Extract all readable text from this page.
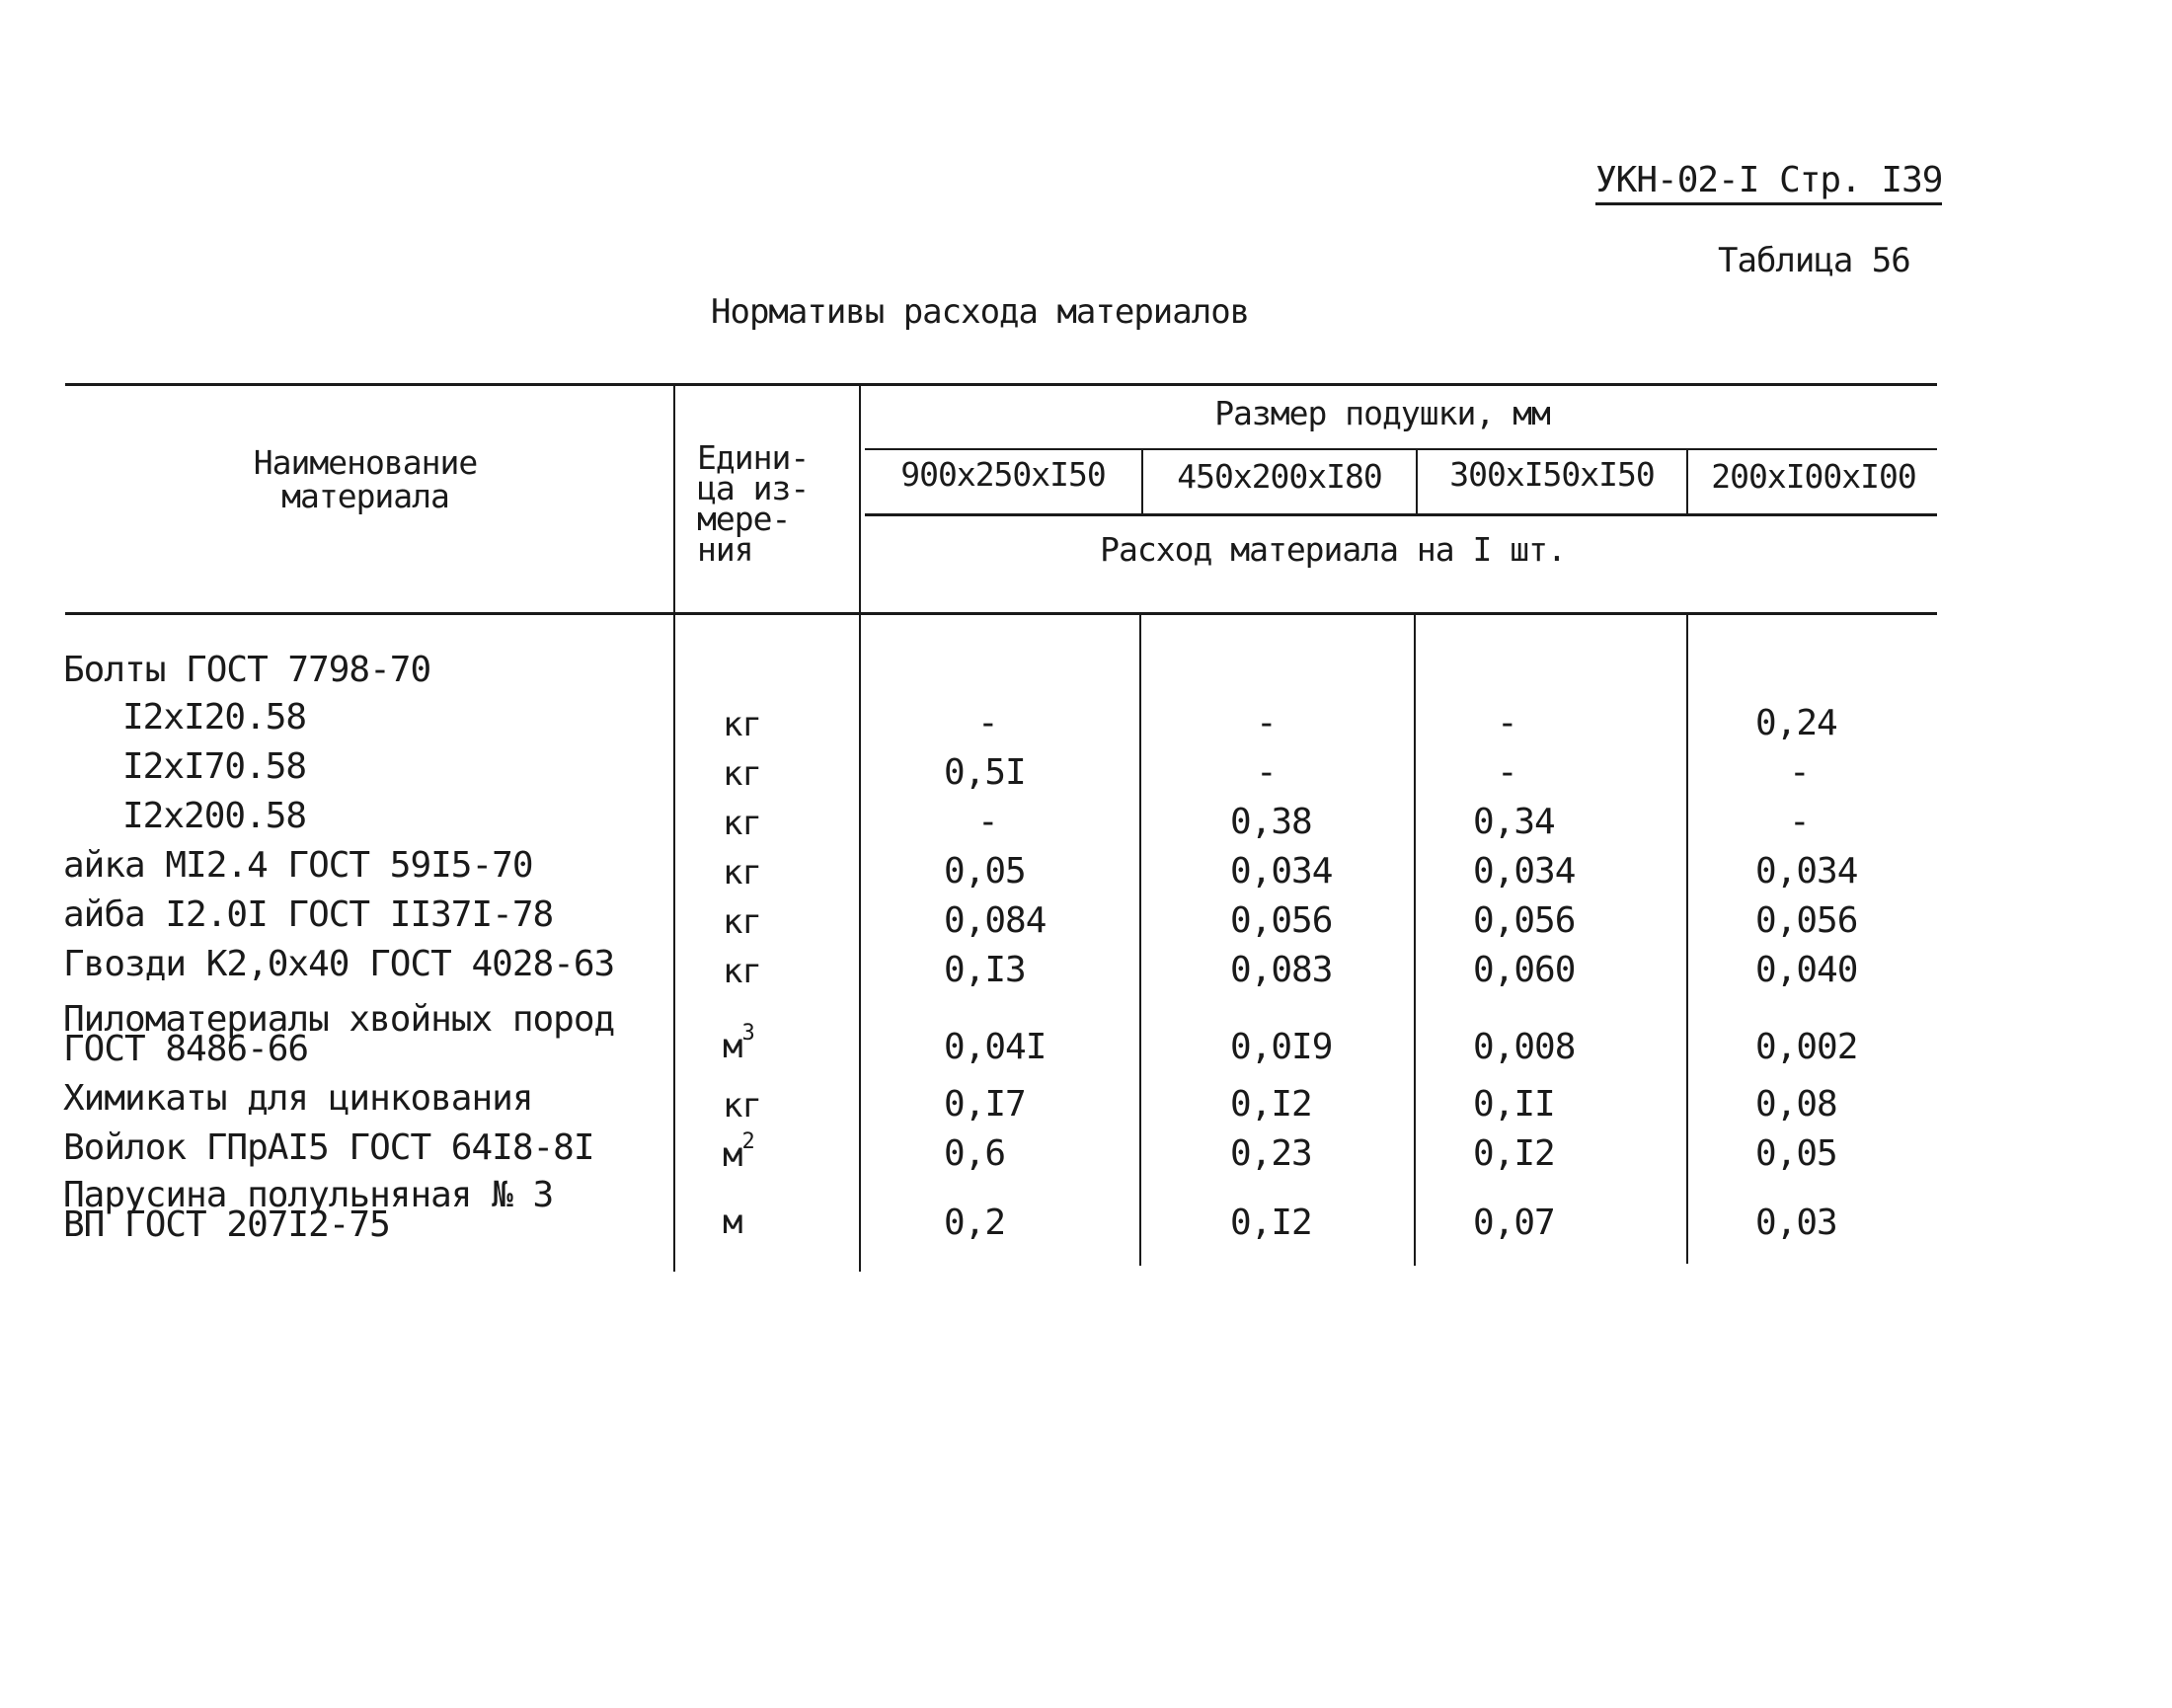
УКН-02-I Стр. I39
Таблица 56
Нормативы расхода материалов
Наименование
материала
Едини-
ца из-
мере-
ния
Размер подушки, мм
900x250xI50	450x200xI80	300xI50xI50	200xI00xI00
Расход материала на I шт.
Болты ГОСТ 7798-70
I2xI20.58	кг	-	-	-	0,24
I2xI70.58	кг	0,5I	-	-	-
I2x200.58	кг	-	0,38	0,34	-
айка MI2.4 ГОСТ 59I5-70	кг	0,05	0,034	0,034	0,034
айба I2.0I ГОСТ II37I-78	кг	0,084	0,056	0,056	0,056
Гвозди K2,0x40 ГОСТ 4028-63	кг	0,I3	0,083	0,060	0,040
Пиломатериалы хвойных пород
ГОСТ 8486-66	$м^3$	0,04I	0,0I9	0,008	0,002
Химикаты для цинкования	кг	0,I7	0,I2	0,II	0,08
Войлок ГПрАI5 ГОСТ 64I8-8I	$м^2$	0,6	0,23	0,I2	0,05
Парусина полульняная № 3
ВП ГОСТ 207I2-75	м	0,2	0,I2	0,07	0,03
